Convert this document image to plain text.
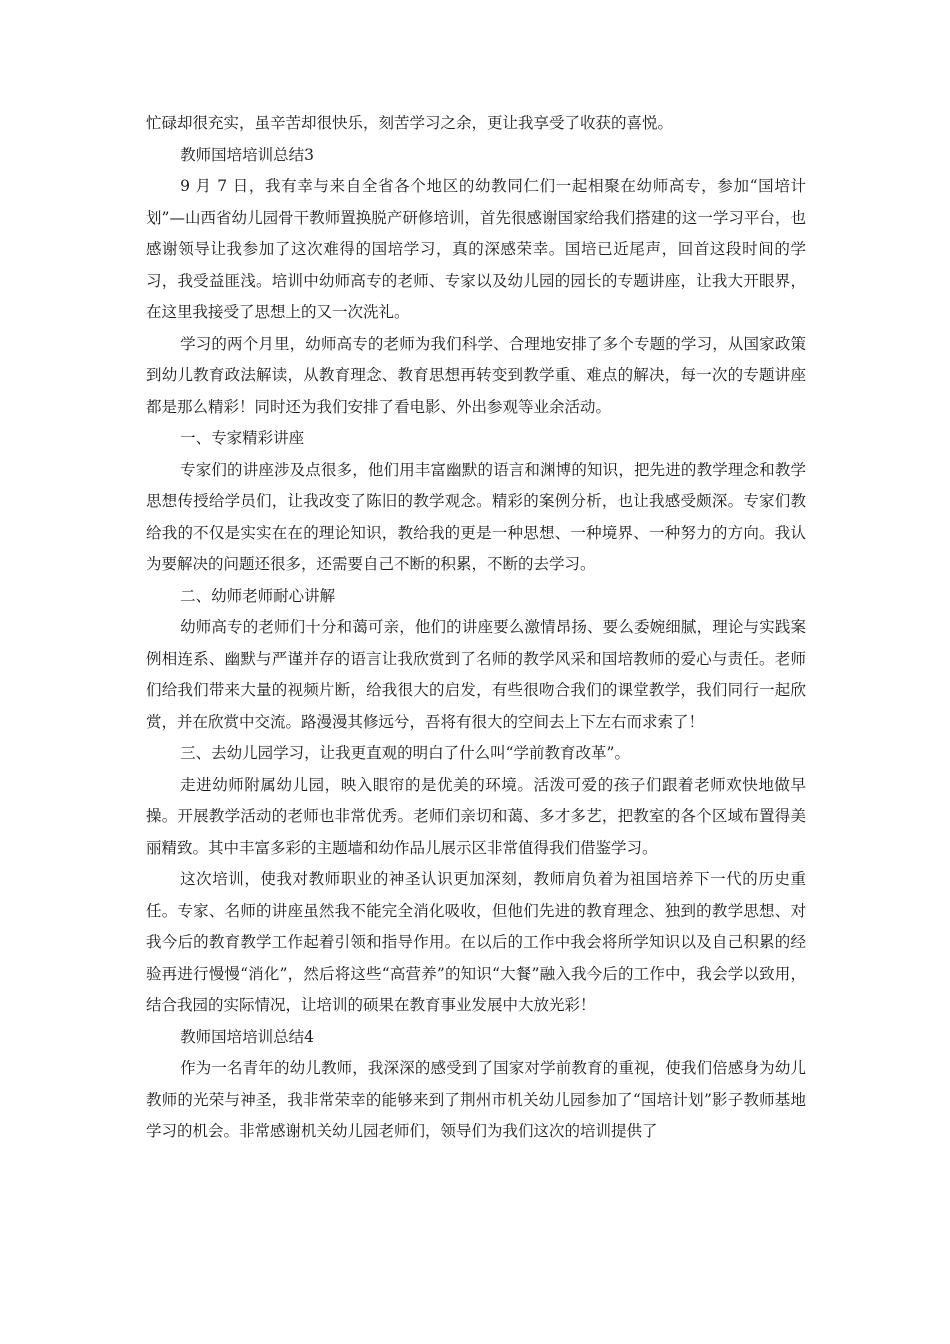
忙碌却很充实，虽辛苦却很快乐，刻苦学习之余，更让我享受了收获的喜悦。

教师国培培训总结3

9 月 7 日，我有幸与来自全省各个地区的幼教同仁们一起相聚在幼师高专，参加“国培计划”—山西省幼儿园骨干教师置换脱产研修培训，首先很感谢国家给我们搭建的这一学习平台，也感谢领导让我参加了这次难得的国培学习，真的深感荣幸。国培已近尾声，回首这段时间的学习，我受益匪浅。培训中幼师高专的老师、专家以及幼儿园的园长的专题讲座，让我大开眼界，在这里我接受了思想上的又一次洗礼。

学习的两个月里，幼师高专的老师为我们科学、合理地安排了多个专题的学习，从国家政策到幼儿教育政法解读，从教育理念、教育思想再转变到教学重、难点的解决，每一次的专题讲座都是那么精彩！同时还为我们安排了看电影、外出参观等业余活动。

一、专家精彩讲座

专家们的讲座涉及点很多，他们用丰富幽默的语言和渊博的知识，把先进的教学理念和教学思想传授给学员们，让我改变了陈旧的教学观念。精彩的案例分析，也让我感受颇深。专家们教给我的不仅是实实在在的理论知识，教给我的更是一种思想、一种境界、一种努力的方向。我认为要解决的问题还很多，还需要自己不断的积累，不断的去学习。

二、幼师老师耐心讲解

幼师高专的老师们十分和蔼可亲，他们的讲座要么激情昂扬、要么委婉细腻，理论与实践案例相连系、幽默与严谨并存的语言让我欣赏到了名师的教学风采和国培教师的爱心与责任。老师们给我们带来大量的视频片断，给我很大的启发，有些很吻合我们的课堂教学，我们同行一起欣赏，并在欣赏中交流。路漫漫其修远兮，吾将有很大的空间去上下左右而求索了！

三、去幼儿园学习，让我更直观的明白了什么叫“学前教育改革”。

走进幼师附属幼儿园，映入眼帘的是优美的环境。活泼可爱的孩子们跟着老师欢快地做早操。开展教学活动的老师也非常优秀。老师们亲切和蔼、多才多艺，把教室的各个区域布置得美丽精致。其中丰富多彩的主题墙和幼作品儿展示区非常值得我们借鉴学习。

这次培训，使我对教师职业的神圣认识更加深刻，教师肩负着为祖国培养下一代的历史重任。专家、名师的讲座虽然我不能完全消化吸收，但他们先进的教育理念、独到的教学思想、对我今后的教育教学工作起着引领和指导作用。在以后的工作中我会将所学知识以及自己积累的经验再进行慢慢“消化”，然后将这些“高营养”的知识“大餐”融入我今后的工作中，我会学以致用，结合我园的实际情况，让培训的硕果在教育事业发展中大放光彩！

教师国培培训总结4

作为一名青年的幼儿教师，我深深的感受到了国家对学前教育的重视，使我们倍感身为幼儿教师的光荣与神圣，我非常荣幸的能够来到了荆州市机关幼儿园参加了“国培计划”影子教师基地学习的机会。非常感谢机关幼儿园老师们，领导们为我们这次的培训提供了
